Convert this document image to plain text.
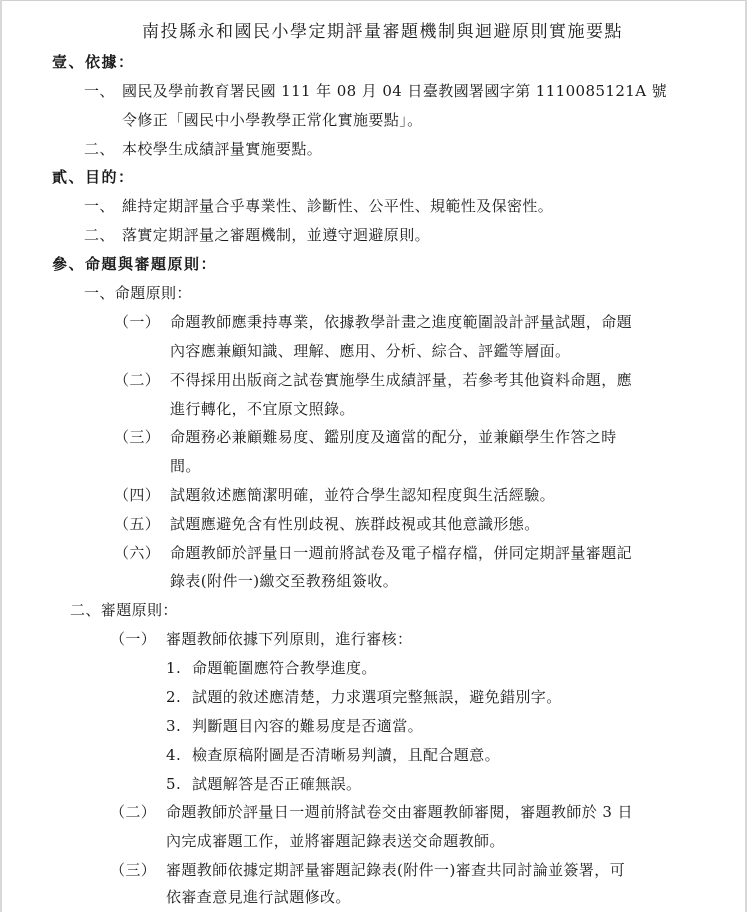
南投縣永和國民小學定期評量審題機制與迴避原則實施要點
壹、依據：
一、 國民及學前教育署民國 111 年 08 月 04 日臺教國署國字第 1110085121A 號
令修正「國民中小學教學正常化實施要點」。
二、 本校學生成績評量實施要點。
貳、目的：
一、 維持定期評量合乎專業性、診斷性、公平性、規範性及保密性。
二、 落實定期評量之審題機制，並遵守迴避原則。
參、命題與審題原則：
一、命題原則：
（一） 命題教師應秉持專業，依據教學計畫之進度範圍設計評量試題，命題
內容應兼顧知識、理解、應用、分析、綜合、評鑑等層面。
（二） 不得採用出版商之試卷實施學生成績評量，若參考其他資料命題，應
進行轉化，不宜原文照錄。
（三） 命題務必兼顧難易度、鑑別度及適當的配分，並兼顧學生作答之時
間。
（四） 試題敘述應簡潔明確，並符合學生認知程度與生活經驗。
（五） 試題應避免含有性別歧視、族群歧視或其他意識形態。
（六） 命題教師於評量日一週前將試卷及電子檔存檔，併同定期評量審題記
錄表(附件一)繳交至教務組簽收。
二、審題原則：
（一） 審題教師依據下列原則，進行審核：
1. 命題範圍應符合教學進度。
2. 試題的敘述應清楚，力求選項完整無誤，避免錯別字。
3. 判斷題目內容的難易度是否適當。
4. 檢查原稿附圖是否清晰易判讀，且配合題意。
5. 試題解答是否正確無誤。
（二） 命題教師於評量日一週前將試卷交由審題教師審閱，審題教師於 3 日
內完成審題工作，並將審題記錄表送交命題教師。
（三） 審題教師依據定期評量審題記錄表(附件一)審查共同討論並簽署，可
依審查意見進行試題修改。
